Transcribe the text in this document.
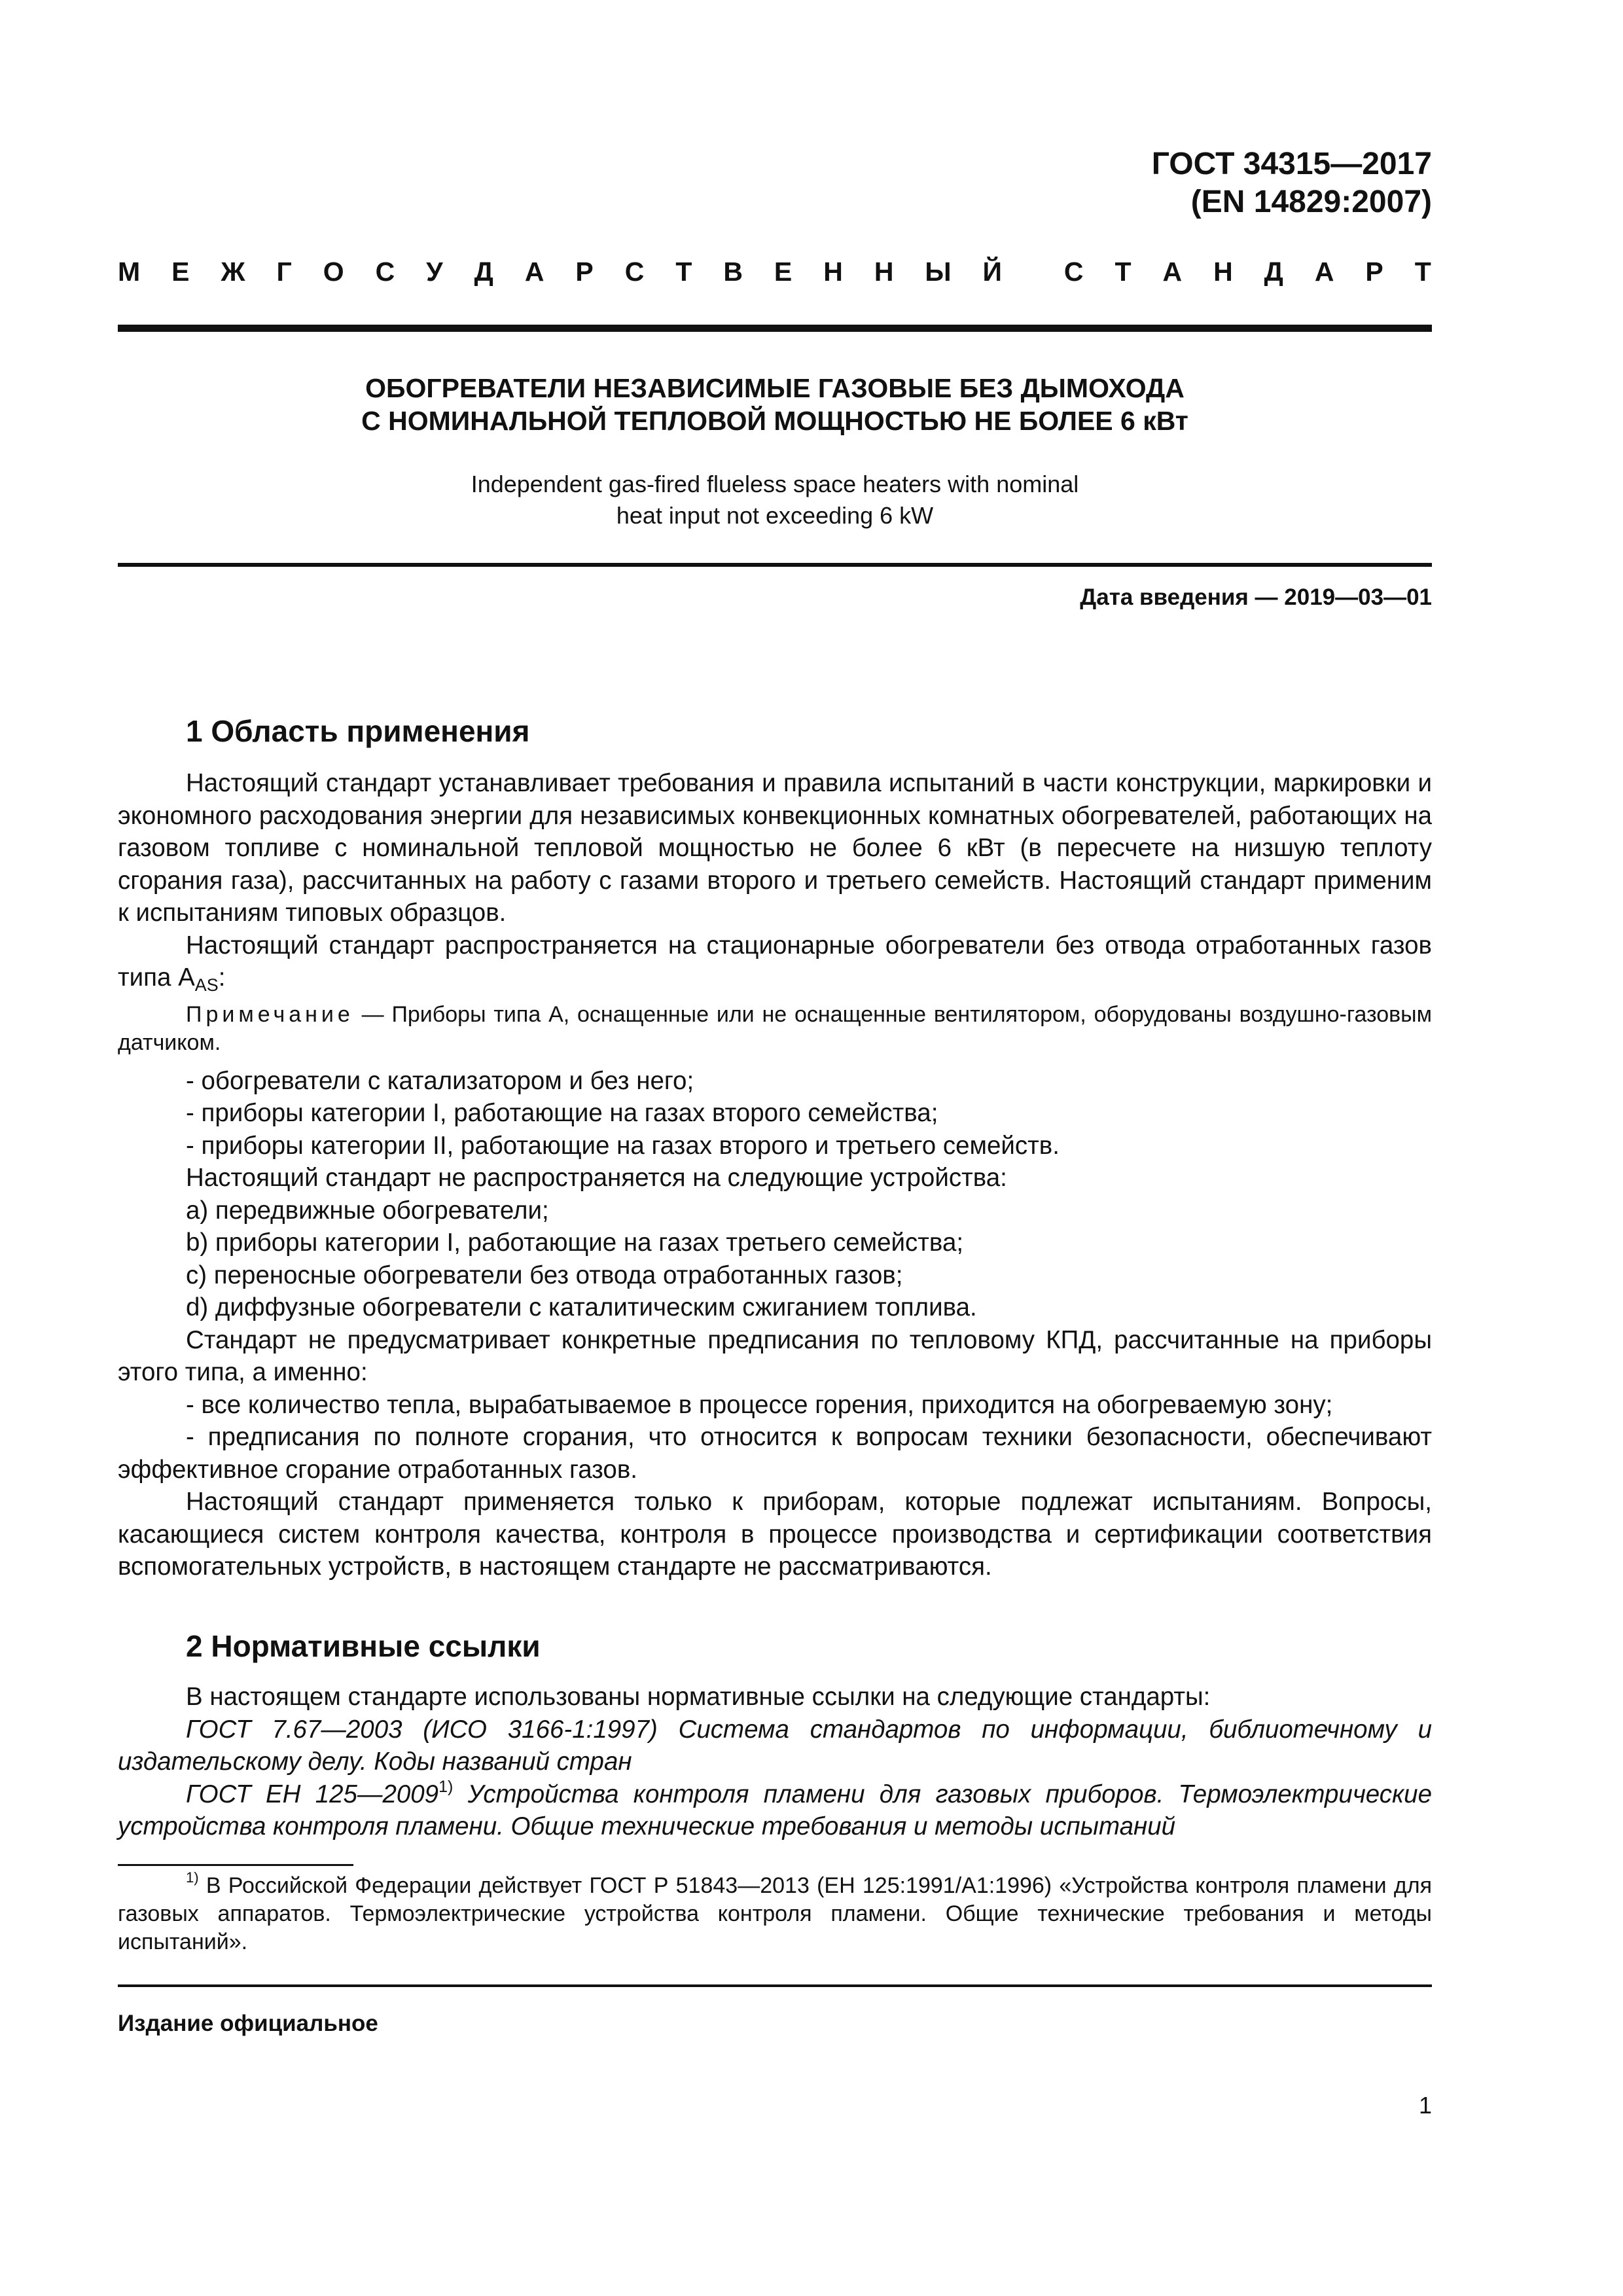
ГОСТ 34315—2017
(EN 14829:2007)
М Е Ж Г О С У Д А Р С Т В Е Н Н Ы Й С Т А Н Д А Р Т
ОБОГРЕВАТЕЛИ НЕЗАВИСИМЫЕ ГАЗОВЫЕ БЕЗ ДЫМОХОДА
С НОМИНАЛЬНОЙ ТЕПЛОВОЙ МОЩНОСТЬЮ НЕ БОЛЕЕ 6 кВт
Independent gas-fired flueless space heaters with nominal
heat input not exceeding 6 kW
Дата введения — 2019—03—01
1 Область применения

Настоящий стандарт устанавливает требования и правила испытаний в части конструкции, маркировки и экономного расходования энергии для независимых конвекционных комнатных обогревателей, работающих на газовом топливе с номинальной тепловой мощностью не более 6 кВт (в пересчете на низшую теплоту сгорания газа), рассчитанных на работу с газами второго и третьего семейств. Настоящий стандарт применим к испытаниям типовых образцов.

Настоящий стандарт распространяется на стационарные обогреватели без отвода отработанных газов типа $A_{AS}$:

Примечание — Приборы типа A, оснащенные или не оснащенные вентилятором, оборудованы воздушно-газовым датчиком.

- обогреватели с катализатором и без него;

- приборы категории I, работающие на газах второго семейства;

- приборы категории II, работающие на газах второго и третьего семейств.

Настоящий стандарт не распространяется на следующие устройства:

a) передвижные обогреватели;

b) приборы категории I, работающие на газах третьего семейства;

c) переносные обогреватели без отвода отработанных газов;

d) диффузные обогреватели с каталитическим сжиганием топлива.

Стандарт не предусматривает конкретные предписания по тепловому КПД, рассчитанные на приборы этого типа, а именно:

- все количество тепла, вырабатываемое в процессе горения, приходится на обогреваемую зону;

- предписания по полноте сгорания, что относится к вопросам техники безопасности, обеспечивают эффективное сгорание отработанных газов.

Настоящий стандарт применяется только к приборам, которые подлежат испытаниям. Вопросы, касающиеся систем контроля качества, контроля в процессе производства и сертификации соответствия вспомогательных устройств, в настоящем стандарте не рассматриваются.

2 Нормативные ссылки

В настоящем стандарте использованы нормативные ссылки на следующие стандарты:

ГОСТ 7.67—2003 (ИСО 3166-1:1997) Система стандартов по информации, библиотечному и издательскому делу. Коды названий стран

ГОСТ ЕН 125—2009$^{1)}$ Устройства контроля пламени для газовых приборов. Термоэлектрические устройства контроля пламени. Общие технические требования и методы испытаний

$^{1)}$ В Российской Федерации действует ГОСТ Р 51843—2013 (ЕН 125:1991/А1:1996) «Устройства контроля пламени для газовых аппаратов. Термоэлектрические устройства контроля пламени. Общие технические требования и методы испытаний».
Издание официальное
1
